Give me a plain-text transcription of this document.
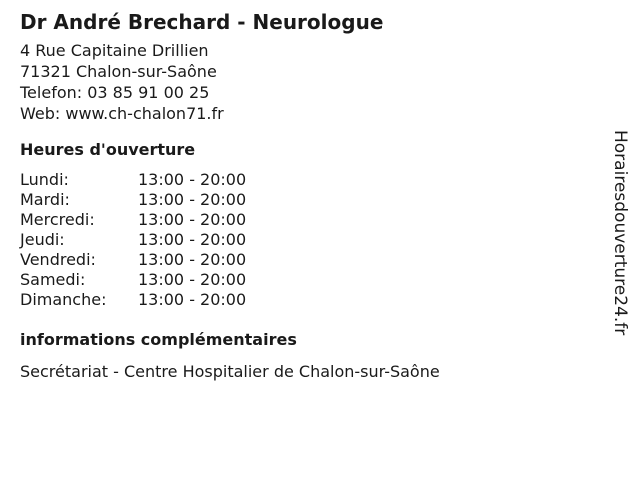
Dr André Brechard - Neurologue
4 Rue Capitaine Drillien
71321 Chalon-sur-Saône
Telefon: 03 85 91 00 25
Web: www.ch-chalon71.fr
Heures d'ouverture
Lundi:	13:00 - 20:00
Mardi:	13:00 - 20:00
Mercredi:	13:00 - 20:00
Jeudi:	13:00 - 20:00
Vendredi:	13:00 - 20:00
Samedi:	13:00 - 20:00
Dimanche:	13:00 - 20:00
informations complémentaires
Secrétariat - Centre Hospitalier de Chalon-sur-Saône
Horairesdouverture24.fr
